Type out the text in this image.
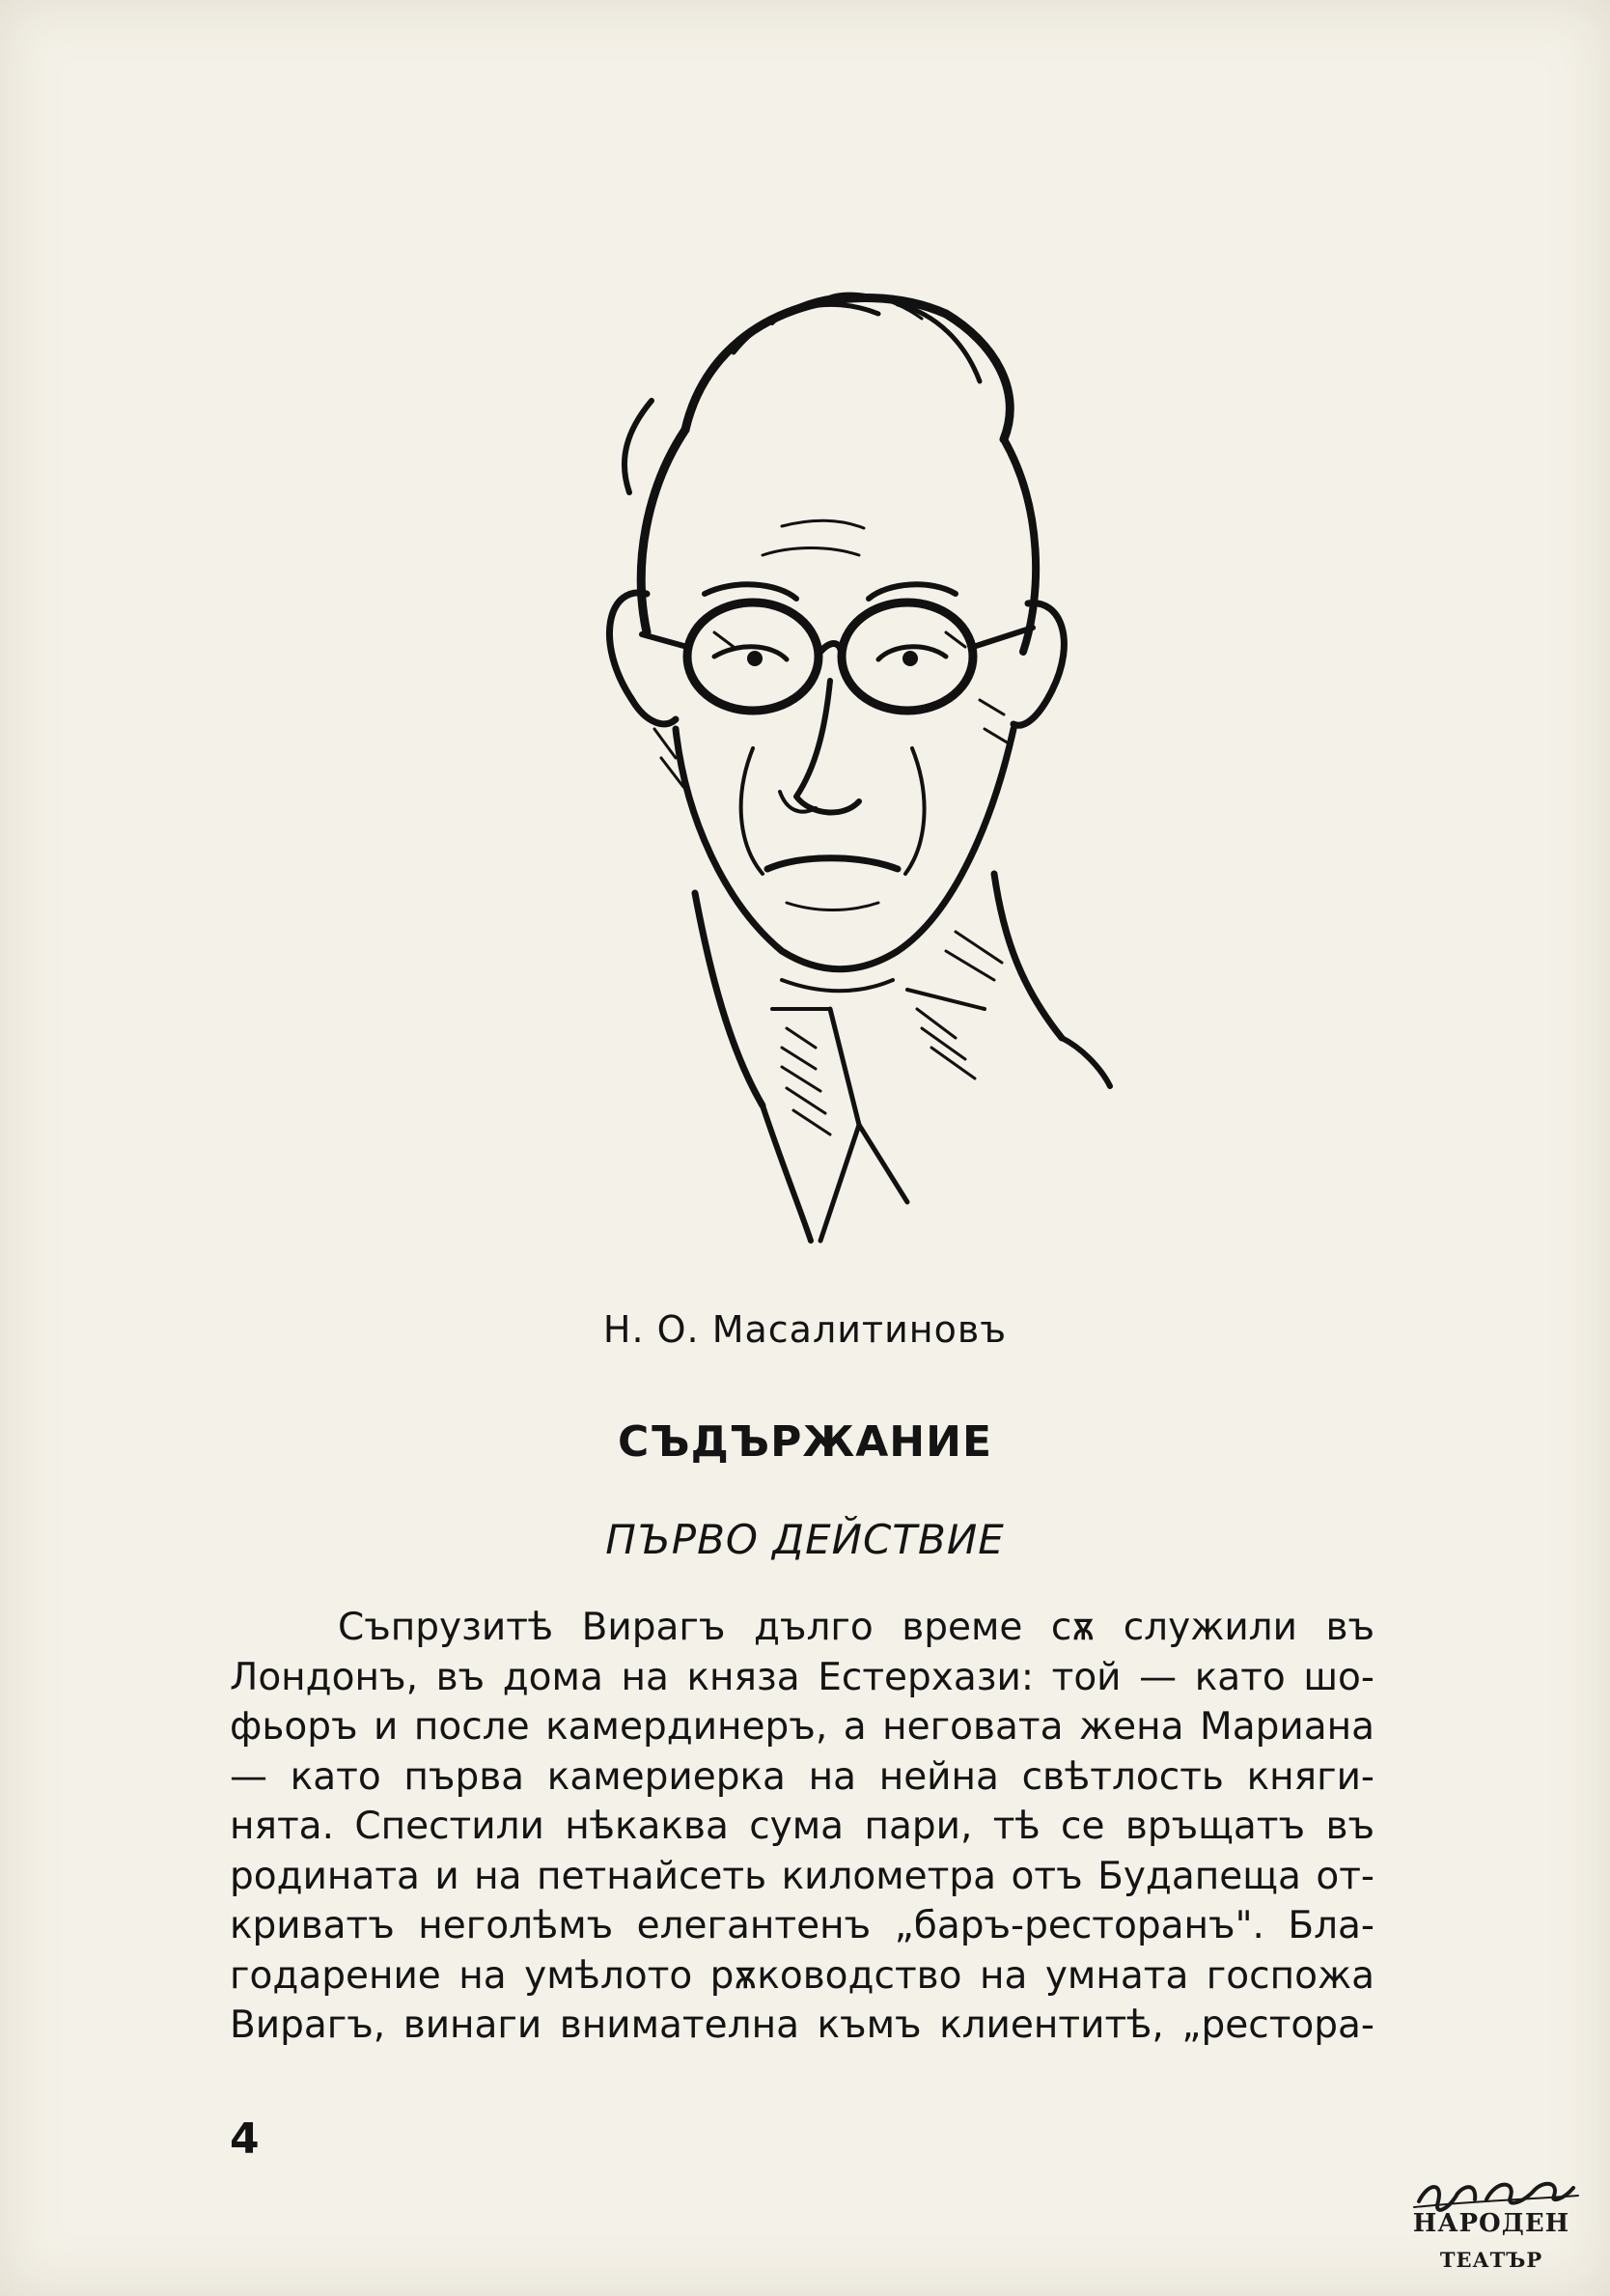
Н. О. Масалитиновъ
СЪДЪРЖАНИЕ
ПЪРВО ДЕЙСТВИЕ
Съпрузитѣ Вирагъ дълго време сѫ служили въ
Лондонъ, въ дома на князa Естерхази: той — като шо-
фьоръ и после камердинеръ, а неговата жена Мариана
— като първа камериерка на нейна свѣтлость княги-
нята. Спестили нѣкаква сума пари, тѣ се връщатъ въ
родината и на петнайсеть километра отъ Будапеща от-
криватъ неголѣмъ елегантенъ „баръ-ресторанъ". Бла-
годарение на умѣлото рѫководство на умната госпожа
Вирагъ, винаги внимателна къмъ клиентитѣ, „рестора-
4
НАРОДЕН
ТЕАТЪР
